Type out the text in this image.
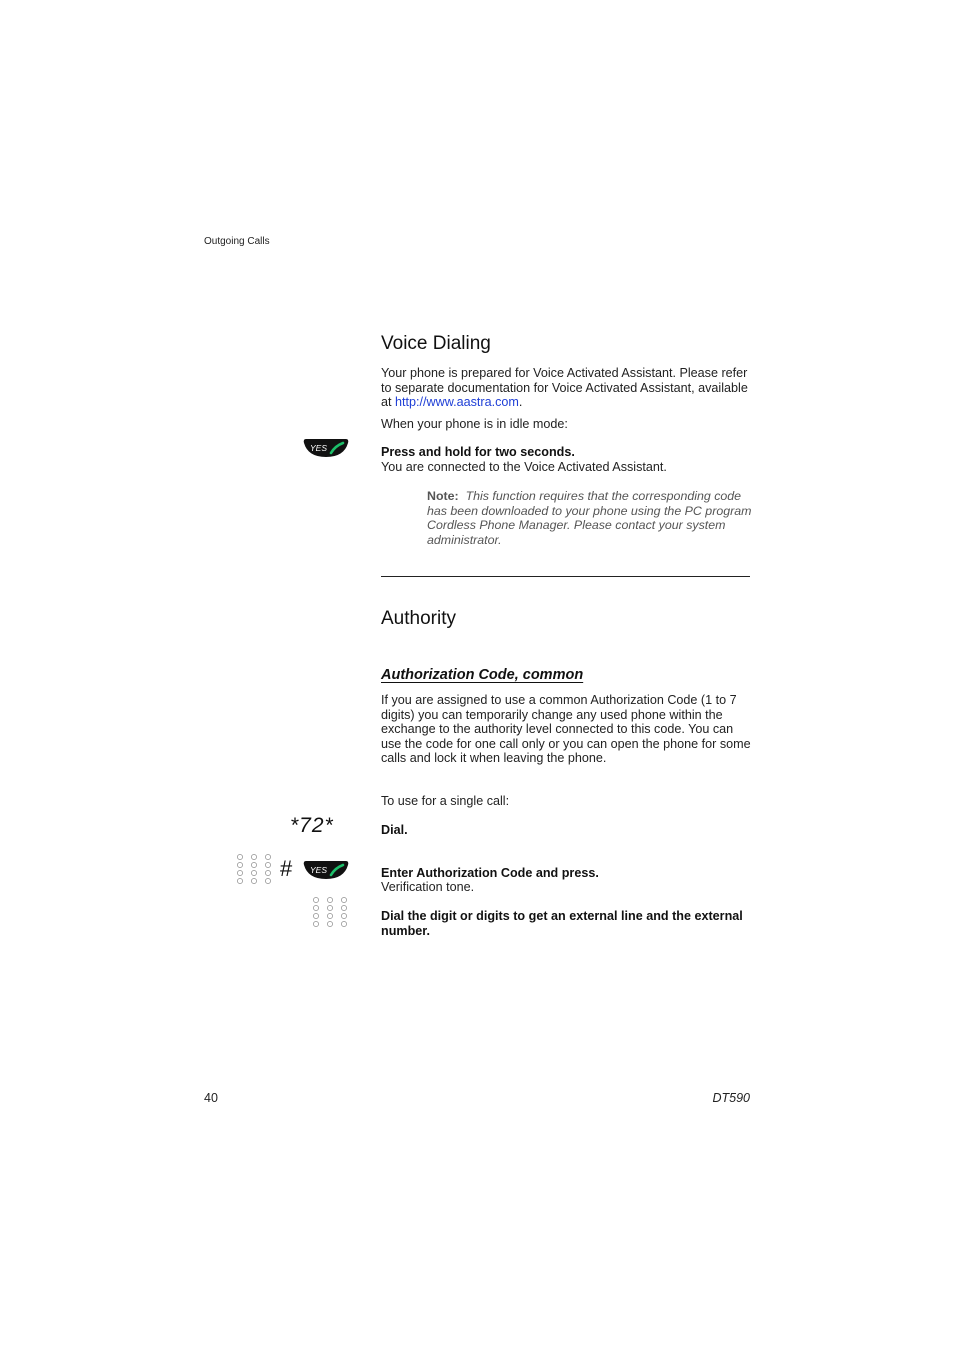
Outgoing Calls
Voice Dialing

Your phone is prepared for Voice Activated Assistant. Please refer to separate documentation for Voice Activated Assistant, available at http://www.aastra.com.

When your phone is in idle mode:

YES	Press and hold for two seconds.

You are connected to the Voice Activated Assistant.

Note: This function requires that the corresponding code has been downloaded to your phone using the PC program Cordless Phone Manager. Please contact your system administrator.

Authority
Authorization Code, common

If you are assigned to use a common Authorization Code (1 to 7 digits) you can temporarily change any used phone within the exchange to the authority level connected to this code. You can use the code for one call only or you can open the phone for some calls and lock it when leaving the phone.

To use for a single call:

*72*	Dial.

# YES	Enter Authorization Code and press.

Verification tone.

Dial the digit or digits to get an external line and the external number.

40	DT590
